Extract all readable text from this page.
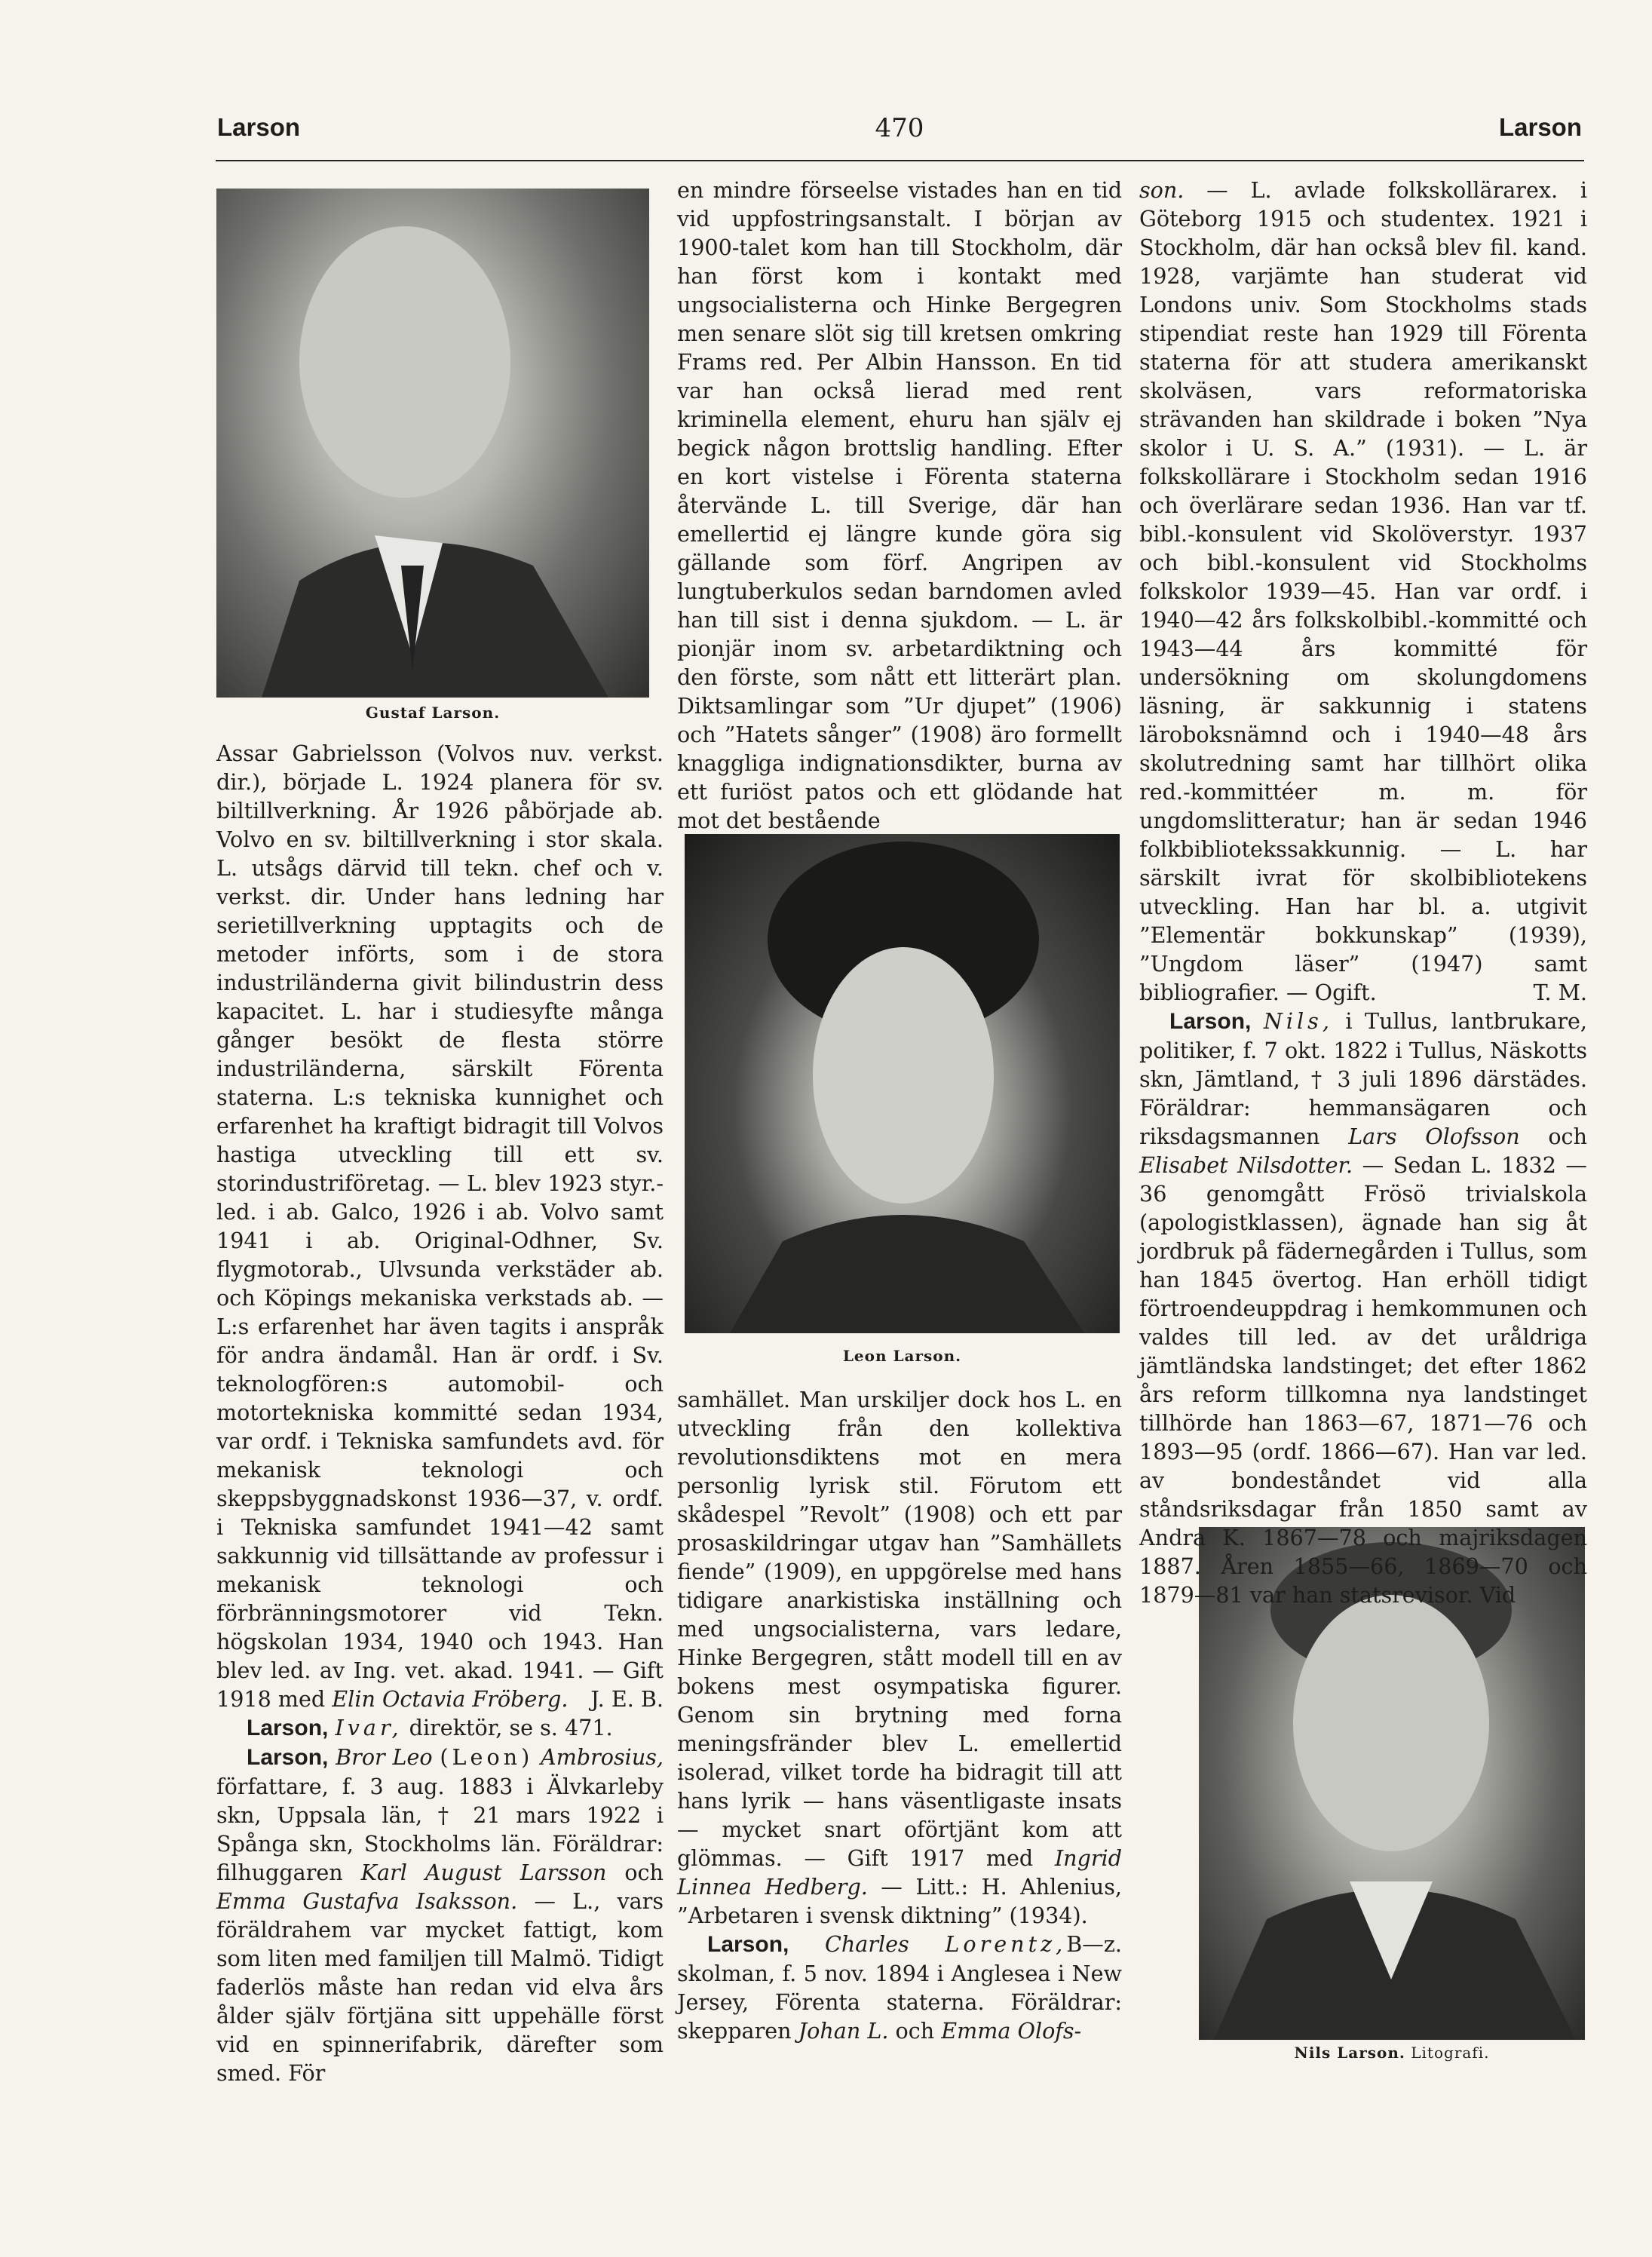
Larson	470	Larson
Gustaf Larson.
Leon Larson.
Nils Larson. Litografi.

Assar Gabrielsson (Volvos nuv. verkst. dir.), började L. 1924 planera för sv. biltillverkning. År 1926 påbörjade ab. Volvo en sv. biltillverkning i stor skala. L. utsågs därvid till tekn. chef och v. verkst. dir. Under hans ledning har serietillverkning upptagits och de metoder införts, som i de stora industriländerna givit bilindustrin dess kapacitet. L. har i studiesyfte många gånger besökt de flesta större industriländerna, särskilt Förenta staterna. L:s tekniska kunnighet och erfarenhet ha kraftigt bidragit till Volvos hastiga utveckling till ett sv. storindustriföretag. — L. blev 1923 styr.-led. i ab. Galco, 1926 i ab. Volvo samt 1941 i ab. Original-Odhner, Sv. flygmotorab., Ulvsunda verkstäder ab. och Köpings mekaniska verkstads ab. — L:s erfarenhet har även tagits i anspråk för andra ändamål. Han är ordf. i Sv. teknologfören:s automobil- och motortekniska kommitté sedan 1934, var ordf. i Tekniska samfundets avd. för mekanisk teknologi och skeppsbyggnadskonst 1936—37, v. ordf. i Tekniska samfundet 1941—42 samt sakkunnig vid tillsättande av professur i mekanisk teknologi och förbränningsmotorer vid Tekn. högskolan 1934, 1940 och 1943. Han blev led. av Ing. vet. akad. 1941. — Gift 1918 med Elin Octavia Fröberg. J. E. B.

Larson, Ivar, direktör, se s. 471.

Larson, Bror Leo (Leon) Ambrosius, författare, f. 3 aug. 1883 i Älvkarleby skn, Uppsala län, † 21 mars 1922 i Spånga skn, Stockholms län. Föräldrar: filhuggaren Karl August Larsson och Emma Gustafva Isaksson. — L., vars föräldrahem var mycket fattigt, kom som liten med familjen till Malmö. Tidigt faderlös måste han redan vid elva års ålder själv förtjäna sitt uppehälle först vid en spinnerifabrik, därefter som smed. För

en mindre förseelse vistades han en tid vid uppfostringsanstalt. I början av 1900-talet kom han till Stockholm, där han först kom i kontakt med ungsocialisterna och Hinke Bergegren men senare slöt sig till kretsen omkring Frams red. Per Albin Hansson. En tid var han också lierad med rent kriminella element, ehuru han själv ej begick någon brottslig handling. Efter en kort vistelse i Förenta staterna återvände L. till Sverige, där han emellertid ej längre kunde göra sig gällande som förf. Angripen av lungtuberkulos sedan barndomen avled han till sist i denna sjukdom. — L. är pionjär inom sv. arbetardiktning och den förste, som nått ett litterärt plan. Diktsamlingar som ”Ur djupet” (1906) och ”Hatets sånger” (1908) äro formellt knaggliga indignationsdikter, burna av ett furiöst patos och ett glödande hat mot det bestående

samhället. Man urskiljer dock hos L. en utveckling från den kollektiva revolutionsdiktens mot en mera personlig lyrisk stil. Förutom ett skådespel ”Revolt” (1908) och ett par prosaskildringar utgav han ”Samhällets fiende” (1909), en uppgörelse med hans tidigare anarkistiska inställning och med ungsocialisterna, vars ledare, Hinke Bergegren, stått modell till en av bokens mest osympatiska figurer. Genom sin brytning med forna meningsfränder blev L. emellertid isolerad, vilket torde ha bidragit till att hans lyrik — hans väsentligaste insats — mycket snart oförtjänt kom att glömmas. — Gift 1917 med Ingrid Linnea Hedberg. — Litt.: H. Ahlenius, ”Arbetaren i svensk diktning” (1934).
B—z.

Larson, Charles Lorentz, skolman, f. 5 nov. 1894 i Anglesea i New Jersey, Förenta staterna. Föräldrar: skepparen Johan L. och Emma Olofs-

son. — L. avlade folkskollärarex. i Göteborg 1915 och studentex. 1921 i Stockholm, där han också blev fil. kand. 1928, varjämte han studerat vid Londons univ. Som Stockholms stads stipendiat reste han 1929 till Förenta staterna för att studera amerikanskt skolväsen, vars reformatoriska strävanden han skildrade i boken ”Nya skolor i U. S. A.” (1931). — L. är folkskollärare i Stockholm sedan 1916 och överlärare sedan 1936. Han var tf. bibl.-konsulent vid Skolöverstyr. 1937 och bibl.-konsulent vid Stockholms folkskolor 1939—45. Han var ordf. i 1940—42 års folkskolbibl.-kommitté och 1943—44 års kommitté för undersökning om skolungdomens läsning, är sakkunnig i statens läroboksnämnd och i 1940—48 års skolutredning samt har tillhört olika red.-kommittéer m. m. för ungdomslitteratur; han är sedan 1946 folkbibliotekssakkunnig. — L. har särskilt ivrat för skolbibliotekens utveckling. Han har bl. a. utgivit ”Elementär bokkunskap” (1939), ”Ungdom läser” (1947) samt bibliografier. — Ogift.	T. M.

Larson, Nils, i Tullus, lantbrukare, politiker, f. 7 okt. 1822 i Tullus, Näskotts skn, Jämtland, † 3 juli 1896 därstädes. Föräldrar: hemmansägaren och riksdagsmannen Lars Olofsson och Elisabet Nilsdotter. — Sedan L. 1832 —36 genomgått Frösö trivialskola (apologistklassen), ägnade han sig åt jordbruk på fädernegården i Tullus, som han 1845 övertog. Han erhöll tidigt förtroendeuppdrag i hemkommunen och valdes till led. av det uråldriga jämtländska landstinget; det efter 1862 års reform tillkomna nya landstinget tillhörde han 1863—67, 1871—76 och 1893—95 (ordf. 1866—67). Han var led. av bondeståndet vid alla ståndsriksdagar från 1850 samt av Andra K. 1867—78 och majriksdagen 1887. Åren 1855—66, 1869—70 och 1879—81 var han statsrevisor. Vid
